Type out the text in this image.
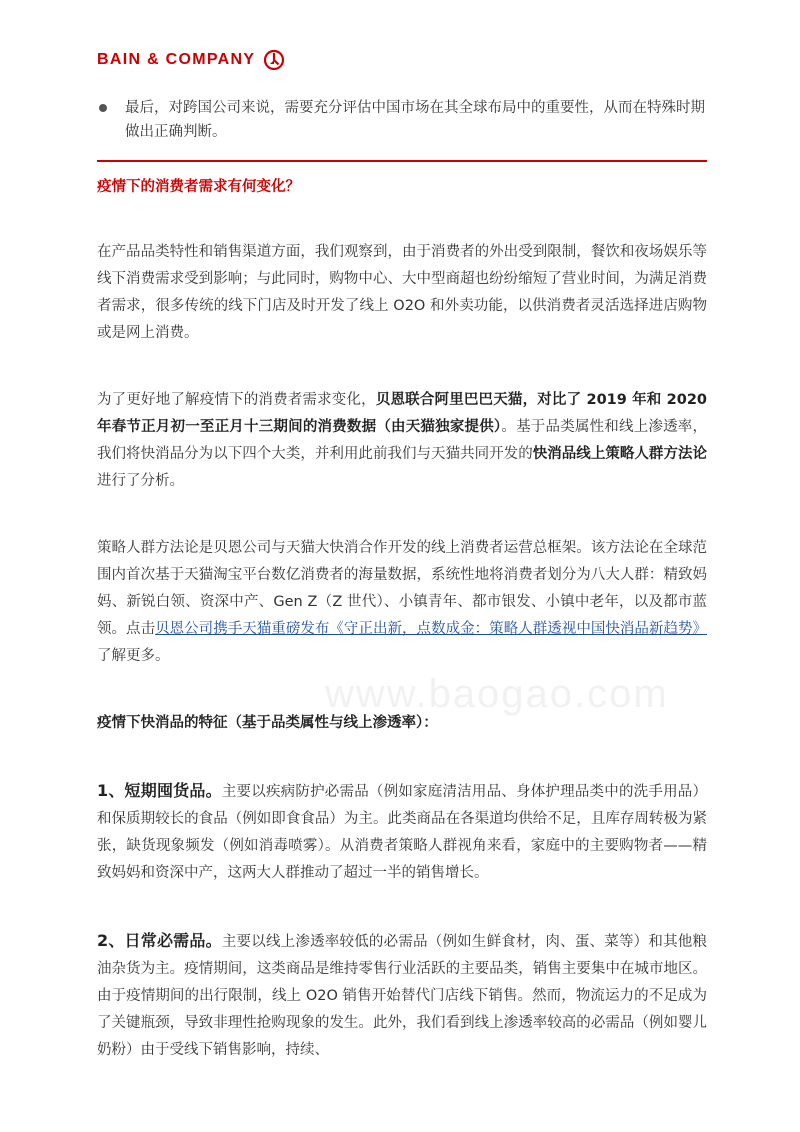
BAIN & COMPANY
www.baogao.com

最后，对跨国公司来说，需要充分评估中国市场在其全球布局中的重要性，从而在特殊时期做出正确判断。

疫情下的消费者需求有何变化？

在产品品类特性和销售渠道方面，我们观察到，由于消费者的外出受到限制，餐饮和夜场娱乐等线下消费需求受到影响；与此同时，购物中心、大中型商超也纷纷缩短了营业时间，为满足消费者需求，很多传统的线下门店及时开发了线上 O2O 和外卖功能，以供消费者灵活选择进店购物或是网上消费。

为了更好地了解疫情下的消费者需求变化，贝恩联合阿里巴巴天猫，对比了 2019 年和 2020 年春节正月初一至正月十三期间的消费数据（由天猫独家提供）。基于品类属性和线上渗透率，我们将快消品分为以下四个大类，并利用此前我们与天猫共同开发的快消品线上策略人群方法论进行了分析。

策略人群方法论是贝恩公司与天猫大快消合作开发的线上消费者运营总框架。该方法论在全球范围内首次基于天猫淘宝平台数亿消费者的海量数据，系统性地将消费者划分为八大人群：精致妈妈、新锐白领、资深中产、Gen Z（Z 世代）、小镇青年、都市银发、小镇中老年，以及都市蓝领。点击贝恩公司携手天猫重磅发布《守正出新，点数成金：策略人群透视中国快消品新趋势》了解更多。

疫情下快消品的特征（基于品类属性与线上渗透率）：

1、短期囤货品。主要以疾病防护必需品（例如家庭清洁用品、身体护理品类中的洗手用品）和保质期较长的食品（例如即食食品）为主。此类商品在各渠道均供给不足，且库存周转极为紧张，缺货现象频发（例如消毒喷雾）。从消费者策略人群视角来看，家庭中的主要购物者——精致妈妈和资深中产，这两大人群推动了超过一半的销售增长。

2、日常必需品。主要以线上渗透率较低的必需品（例如生鲜食材，肉、蛋、菜等）和其他粮油杂货为主。疫情期间，这类商品是维持零售行业活跃的主要品类，销售主要集中在城市地区。由于疫情期间的出行限制，线上 O2O 销售开始替代门店线下销售。然而，物流运力的不足成为了关键瓶颈，导致非理性抢购现象的发生。此外，我们看到线上渗透率较高的必需品（例如婴儿奶粉）由于受线下销售影响，持续、
